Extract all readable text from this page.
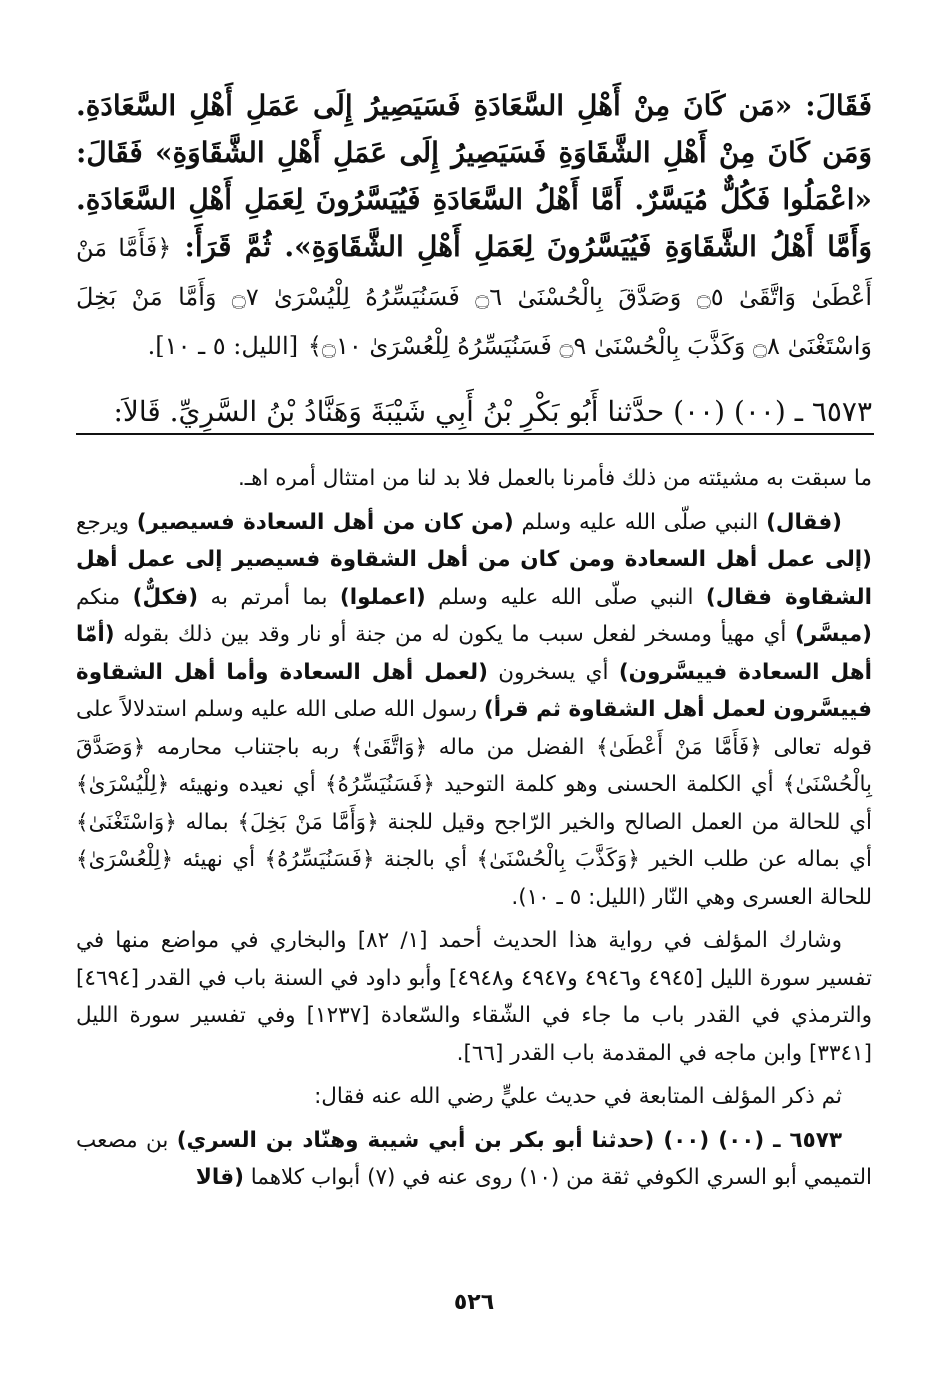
فَقَالَ: «مَن كَانَ مِنْ أَهْلِ السَّعَادَةِ فَسَيَصِيرُ إِلَى عَمَلِ أَهْلِ السَّعَادَةِ. وَمَن كَانَ مِنْ أَهْلِ الشَّقَاوَةِ فَسَيَصِيرُ إِلَى عَمَلِ أَهْلِ الشَّقَاوَةِ» فَقَالَ: «اعْمَلُوا فَكُلٌّ مُيَسَّرٌ. أَمَّا أَهْلُ السَّعَادَةِ فَيُيَسَّرُونَ لِعَمَلِ أَهْلِ السَّعَادَةِ. وَأَمَّا أَهْلُ الشَّقَاوَةِ فَيُيَسَّرُونَ لِعَمَلِ أَهْلِ الشَّقَاوَةِ». ثُمَّ قَرَأَ: ﴿فَأَمَّا مَنْ أَعْطَىٰ وَاتَّقَىٰ ۝٥ وَصَدَّقَ بِالْحُسْنَىٰ ۝٦ فَسَنُيَسِّرُهُ لِلْيُسْرَىٰ ۝٧ وَأَمَّا مَنْ بَخِلَ وَاسْتَغْنَىٰ ۝٨ وَكَذَّبَ بِالْحُسْنَىٰ ۝٩ فَسَنُيَسِّرُهُ لِلْعُسْرَىٰ ۝١٠﴾ [الليل: ٥ ـ ١٠].

٦٥٧٣ ـ (٠٠) (٠٠) حدَّثنا أَبُو بَكْرِ بْنُ أَبِي شَيْبَةَ وَهَنَّادُ بْنُ السَّرِيِّ. قَالاَ:

ما سبقت به مشيئته من ذلك فأمرنا بالعمل فلا بد لنا من امتثال أمره اهـ.

(فقال) النبي صلّى الله عليه وسلم (من كان من أهل السعادة فسيصير) ويرجع (إلى عمل أهل السعادة ومن كان من أهل الشقاوة فسيصير إلى عمل أهل الشقاوة فقال) النبي صلّى الله عليه وسلم (اعملوا) بما أمرتم به (فكلٌّ) منكم (ميسَّر) أي مهيأ ومسخر لفعل سبب ما يكون له من جنة أو نار وقد بين ذلك بقوله (أمّا أهل السعادة فييسَّرون) أي يسخرون (لعمل أهل السعادة وأما أهل الشقاوة فييسَّرون لعمل أهل الشقاوة ثم قرأ) رسول الله صلى الله عليه وسلم استدلالاً على قوله تعالى ﴿فَأَمَّا مَنْ أَعْطَىٰ﴾ الفضل من ماله ﴿وَاتَّقَىٰ﴾ ربه باجتناب محارمه ﴿وَصَدَّقَ بِالْحُسْنَىٰ﴾ أي الكلمة الحسنى وهو كلمة التوحيد ﴿فَسَنُيَسِّرُهُ﴾ أي نعيده ونهيئه ﴿لِلْيُسْرَىٰ﴾ أي للحالة من العمل الصالح والخير الرّاجح وقيل للجنة ﴿وَأَمَّا مَنْ بَخِلَ﴾ بماله ﴿وَاسْتَغْنَىٰ﴾ أي بماله عن طلب الخير ﴿وَكَذَّبَ بِالْحُسْنَىٰ﴾ أي بالجنة ﴿فَسَنُيَسِّرُهُ﴾ أي نهيئه ﴿لِلْعُسْرَىٰ﴾ للحالة العسرى وهي النّار (الليل: ٥ ـ ١٠).

وشارك المؤلف في رواية هذا الحديث أحمد [١/ ٨٢] والبخاري في مواضع منها في تفسير سورة الليل [٤٩٤٥ و٤٩٤٦ و٤٩٤٧ و٤٩٤٨] وأبو داود في السنة باب في القدر [٤٦٩٤] والترمذي في القدر باب ما جاء في الشّقاء والسّعادة [١٢٣٧] وفي تفسير سورة الليل [٣٣٤١] وابن ماجه في المقدمة باب القدر [٦٦].

ثم ذكر المؤلف المتابعة في حديث عليٍّ رضي الله عنه فقال:

٦٥٧٣ ـ (٠٠) (٠٠) (حدثنا أبو بكر بن أبي شيبة وهنّاد بن السري) بن مصعب التميمي أبو السري الكوفي ثقة من (١٠) روى عنه في (٧) أبواب كلاهما (قالا

٥٢٦
